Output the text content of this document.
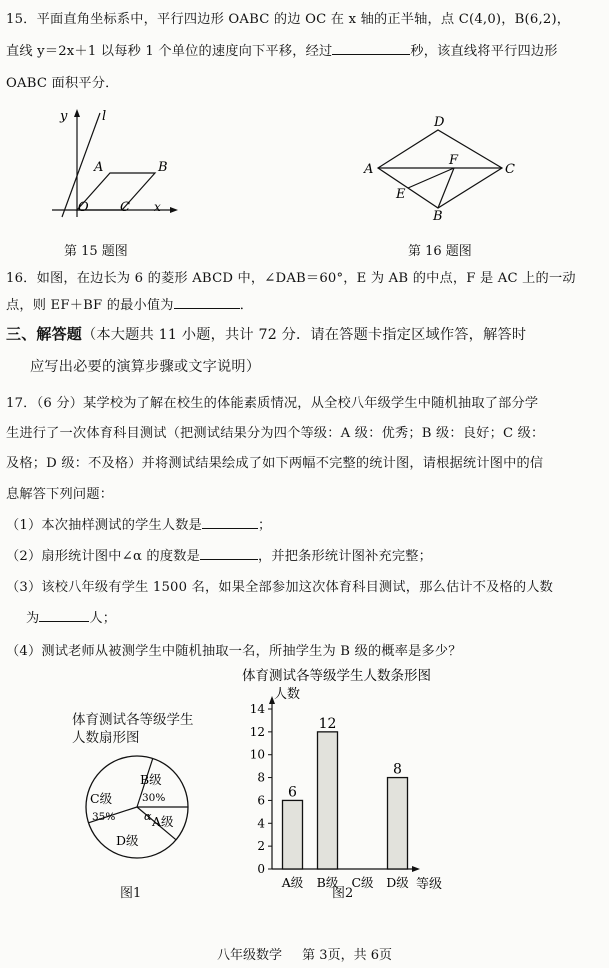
15．平面直角坐标系中，平行四边形 OABC 的边 OC 在 x 轴的正半轴，点 C(4,0)，B(6,2)，
直线 y＝2x＋1 以每秒 1 个单位的速度向下平移，经过	秒，该直线将平行四边形
OABC 面积平分．
y	l
A	B
O C x
第 15 题图
D
A
F
C
E
B
第 16 题图
16．如图，在边长为 6 的菱形 ABCD 中，∠DAB＝60°，E 为 AB 的中点，F 是 AC 上的一动
点，则 EF＋BF 的最小值为	．
三、解答题（本大题共 11 小题，共计 72 分．请在答题卡指定区域作答，解答时
应写出必要的演算步骤或文字说明）
17．（6 分）某学校为了解在校生的体能素质情况，从全校八年级学生中随机抽取了部分学
生进行了一次体育科目测试（把测试结果分为四个等级：A 级：优秀；B 级：良好；C 级：
及格；D 级：不及格）并将测试结果绘成了如下两幅不完整的统计图，请根据统计图中的信
息解答下列问题：
（1）本次抽样测试的学生人数是	；
（2）扇形统计图中∠α 的度数是	，并把条形统计图补充完整；
（3）该校八年级有学生 1500 名，如果全部参加这次体育科目测试，那么估计不及格的人数
为	人；
（4）测试老师从被测学生中随机抽取一名，所抽学生为 B 级的概率是多少？
体育测试各等级学生
人数扇形图
B级
30%
C级
35%	A级
α
D级
图1
体育测试各等级学生人数条形图
人数
等级
0
2
4
6
8
10
12
14
6
A级
12
B级 C级
8
D级
图2
八年级数学 第 3页，共 6页
